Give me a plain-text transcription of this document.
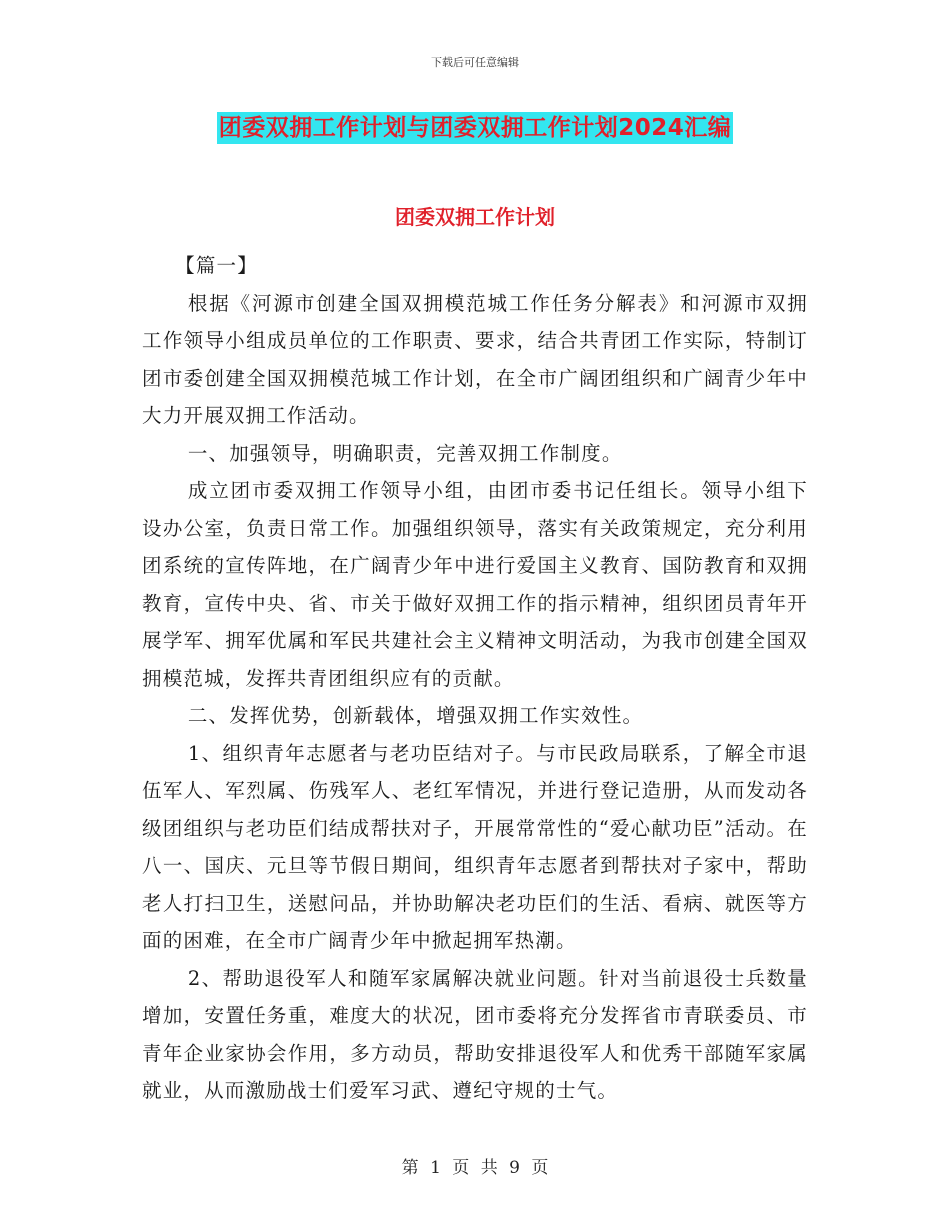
下载后可任意编辑
团委双拥工作计划与团委双拥工作计划2024汇编
团委双拥工作计划

【篇一】

根据《河源市创建全国双拥模范城工作任务分解表》和河源市双拥工作领导小组成员单位的工作职责、要求，结合共青团工作实际，特制订团市委创建全国双拥模范城工作计划，在全市广阔团组织和广阔青少年中大力开展双拥工作活动。

一、加强领导，明确职责，完善双拥工作制度。

成立团市委双拥工作领导小组，由团市委书记任组长。领导小组下设办公室，负责日常工作。加强组织领导，落实有关政策规定，充分利用团系统的宣传阵地，在广阔青少年中进行爱国主义教育、国防教育和双拥教育，宣传中央、省、市关于做好双拥工作的指示精神，组织团员青年开展学军、拥军优属和军民共建社会主义精神文明活动，为我市创建全国双拥模范城，发挥共青团组织应有的贡献。

二、发挥优势，创新载体，增强双拥工作实效性。

1、组织青年志愿者与老功臣结对子。与市民政局联系，了解全市退伍军人、军烈属、伤残军人、老红军情况，并进行登记造册，从而发动各级团组织与老功臣们结成帮扶对子，开展常常性的“爱心献功臣”活动。在八一、国庆、元旦等节假日期间，组织青年志愿者到帮扶对子家中，帮助老人打扫卫生，送慰问品，并协助解决老功臣们的生活、看病、就医等方面的困难，在全市广阔青少年中掀起拥军热潮。

2、帮助退役军人和随军家属解决就业问题。针对当前退役士兵数量增加，安置任务重，难度大的状况，团市委将充分发挥省市青联委员、市青年企业家协会作用，多方动员，帮助安排退役军人和优秀干部随军家属就业，从而激励战士们爱军习武、遵纪守规的士气。

第 1 页 共 9 页
